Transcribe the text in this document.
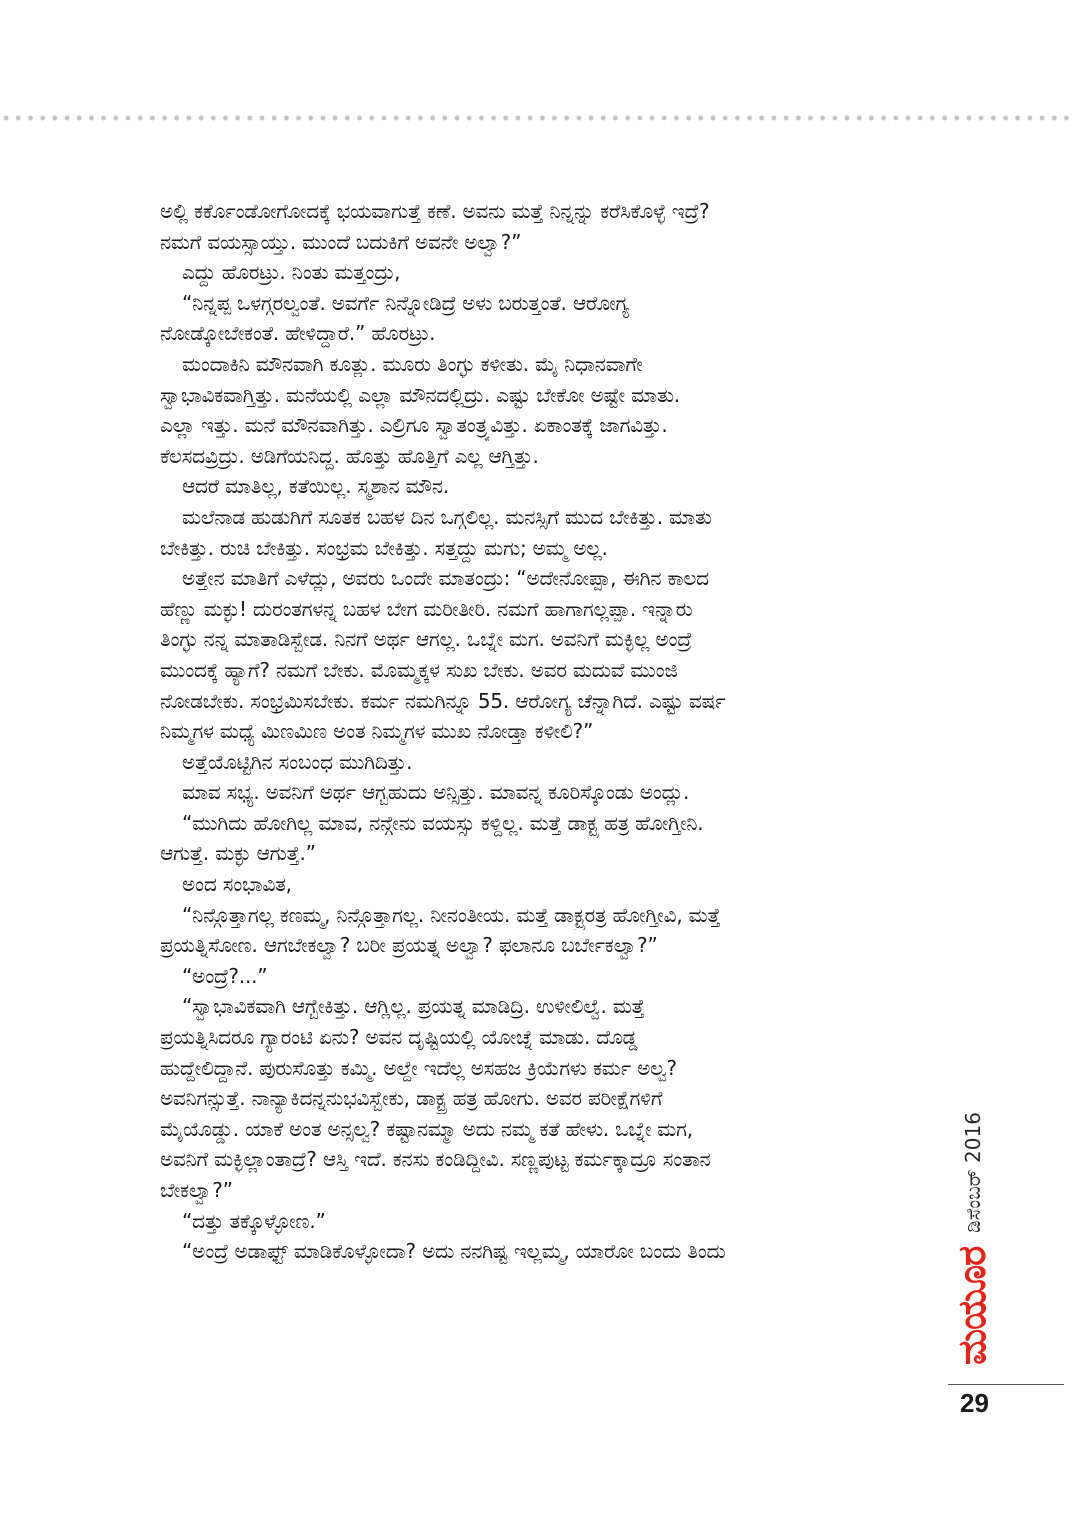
ಅಲ್ಲಿ ಕರ್ಕೊಂಡೋಗೋದಕ್ಕೆ ಭಯವಾಗುತ್ತೆ ಕಣೆ. ಅವನು ಮತ್ತೆ ನಿನ್ನನ್ನು ಕರೆಸಿಕೊಳ್ಳೆ ಇದ್ರೆ?
ನಮಗೆ ವಯಸ್ಸಾಯ್ತು. ಮುಂದೆ ಬದುಕಿಗೆ ಅವನೇ ಅಲ್ವಾ?”
ಎದ್ದು ಹೊರಟ್ರು. ನಿಂತು ಮತ್ತಂದ್ರು,
“ನಿನ್ನಪ್ಪ ಒಳಗ್ಗರಲ್ವಂತೆ. ಅವರ್ಗೆ ನಿನ್ನೋಡಿದ್ರೆ ಅಳು ಬರುತ್ತಂತೆ. ಆರೋಗ್ಯ
ನೋಡ್ಕೋಬೇಕಂತೆ. ಹೇಳಿದ್ದಾರೆ.” ಹೊರಟ್ರು.
ಮಂದಾಕಿನಿ ಮೌನವಾಗಿ ಕೂತ್ಲು. ಮೂರು ತಿಂಗ್ಳು ಕಳೀತು. ಮೈ ನಿಧಾನವಾಗೇ
ಸ್ವಾಭಾವಿಕವಾಗ್ತಿತ್ತು. ಮನೆಯಲ್ಲಿ ಎಲ್ಲಾ ಮೌನದಲ್ಲಿದ್ರು. ಎಷ್ಟು ಬೇಕೋ ಅಷ್ಟೇ ಮಾತು.
ಎಲ್ಲಾ ಇತ್ತು. ಮನೆ ಮೌನವಾಗಿತ್ತು. ಎಲ್ರಿಗೂ ಸ್ವಾತಂತ್ರ್ಯವಿತ್ತು. ಏಕಾಂತಕ್ಕೆ ಜಾಗವಿತ್ತು.
ಕೆಲಸದವ್ರಿದ್ರು. ಅಡಿಗೆಯನಿದ್ದ. ಹೊತ್ತು ಹೊತ್ತಿಗೆ ಎಲ್ಲ ಆಗ್ತಿತ್ತು.
ಆದರೆ ಮಾತಿಲ್ಲ, ಕತೆಯಿಲ್ಲ. ಸ್ಮಶಾನ ಮೌನ.
ಮಲೆನಾಡ ಹುಡುಗಿಗೆ ಸೂತಕ ಬಹಳ ದಿನ ಒಗ್ಗಲಿಲ್ಲ. ಮನಸ್ಸಿಗೆ ಮುದ ಬೇಕಿತ್ತು. ಮಾತು
ಬೇಕಿತ್ತು. ರುಚಿ ಬೇಕಿತ್ತು. ಸಂಭ್ರಮ ಬೇಕಿತ್ತು. ಸತ್ತದ್ದು ಮಗು; ಅಮ್ಮ ಅಲ್ಲ.
ಅತ್ತೇನ ಮಾತಿಗೆ ಎಳೆದ್ಲು, ಅವರು ಒಂದೇ ಮಾತಂದ್ರು: “ಅದೇನೋಪ್ಪಾ, ಈಗಿನ ಕಾಲದ
ಹೆಣ್ಣು ಮಕ್ಳು! ದುರಂತಗಳನ್ನ ಬಹಳ ಬೇಗ ಮರೀತೀರಿ. ನಮಗೆ ಹಾಗಾಗಲ್ಲಪ್ಪಾ. ಇನ್ನಾರು
ತಿಂಗ್ಳು ನನ್ನ ಮಾತಾಡಿಸ್ಬೇಡ. ನಿನಗೆ ಅರ್ಥ ಆಗಲ್ಲ. ಒಬ್ನೇ ಮಗ. ಅವನಿಗೆ ಮಕ್ಳಿಲ್ಲ ಅಂದ್ರೆ
ಮುಂದಕ್ಕೆ ಹ್ಯಾಗೆ? ನಮಗೆ ಬೇಕು. ಮೊಮ್ಮಕ್ಕಳ ಸುಖ ಬೇಕು. ಅವರ ಮದುವೆ ಮುಂಜಿ
ನೋಡಬೇಕು. ಸಂಭ್ರಮಿಸಬೇಕು. ಕರ್ಮ ನಮಗಿನ್ನೂ 55. ಆರೋಗ್ಯ ಚೆನ್ನಾಗಿದೆ. ಎಷ್ಟು ವರ್ಷ
ನಿಮ್ಮಗಳ ಮಧ್ಯೆ ಮಿಣಮಿಣ ಅಂತ ನಿಮ್ಮಗಳ ಮುಖ ನೋಡ್ತಾ ಕಳೀಲಿ?”
ಅತ್ತೆಯೊಟ್ಟಿಗಿನ ಸಂಬಂಧ ಮುಗಿದಿತ್ತು.
ಮಾವ ಸಭ್ಯ. ಅವನಿಗೆ ಅರ್ಥ ಆಗ್ಬಹುದು ಅನ್ಸಿತ್ತು. ಮಾವನ್ನ ಕೂರಿಸ್ಕೊಂಡು ಅಂದ್ಲು.
“ಮುಗಿದು ಹೋಗಿಲ್ಲ ಮಾವ, ನನ್ಗೇನು ವಯಸ್ಸು ಕಳ್ದಿಲ್ಲ. ಮತ್ತೆ ಡಾಕ್ಟ್ರ ಹತ್ರ ಹೋಗ್ತೀನಿ.
ಆಗುತ್ತೆ. ಮಕ್ಳು ಆಗುತ್ತೆ.”
ಅಂದ ಸಂಭಾವಿತ,
“ನಿನ್ಗೊತ್ತಾಗಲ್ಲ ಕಣಮ್ಮ, ನಿನ್ಗೊತ್ತಾಗಲ್ಲ. ನೀನಂತೀಯ. ಮತ್ತೆ ಡಾಕ್ಟ್ರರತ್ರ ಹೋಗ್ತೀವಿ, ಮತ್ತೆ
ಪ್ರಯತ್ನಿಸೋಣ. ಆಗಬೇಕಲ್ವಾ? ಬರೀ ಪ್ರಯತ್ನ ಅಲ್ವಾ? ಫಲಾನೂ ಬರ್ಬೇಕಲ್ವಾ?”
“ಅಂದ್ರೆ?...”
“ಸ್ವಾಭಾವಿಕವಾಗಿ ಆಗ್ಬೇಕಿತ್ತು. ಆಗ್ಲಿಲ್ಲ. ಪ್ರಯತ್ನ ಮಾಡಿದ್ರಿ. ಉಳೀಲಿಲ್ವೆ. ಮತ್ತೆ
ಪ್ರಯತ್ನಿಸಿದರೂ ಗ್ಯಾರಂಟಿ ಏನು? ಅವನ ದೃಷ್ಟಿಯಲ್ಲಿ ಯೋಚ್ನೆ ಮಾಡು. ದೊಡ್ಡ
ಹುದ್ದೇಲಿದ್ದಾನೆ. ಪುರುಸೊತ್ತು ಕಮ್ಮಿ. ಅಲ್ದೇ ಇದೆಲ್ಲ ಅಸಹಜ ಕ್ರಿಯೆಗಳು ಕರ್ಮ ಅಲ್ವ?
ಅವನಿಗನ್ಸುತ್ತೆ. ನಾನ್ಯಾಕಿದನ್ನನುಭವಿಸ್ಬೇಕು, ಡಾಕ್ಟ್ರ ಹತ್ರ ಹೋಗು. ಅವರ ಪರೀಕ್ಷೆಗಳಿಗೆ
ಮೈಯೊಡ್ಡು. ಯಾಕೆ ಅಂತ ಅನ್ಸಲ್ವ? ಕಷ್ಟಾನಮ್ಮಾ ಅದು ನಮ್ಮ ಕತೆ ಹೇಳು. ಒಬ್ನೇ ಮಗ,
ಅವನಿಗೆ ಮಕ್ಳಿಲ್ಲಾಂತಾದ್ರೆ? ಆಸ್ತಿ ಇದೆ. ಕನಸು ಕಂಡಿದ್ದೀವಿ. ಸಣ್ಣಪುಟ್ಟ ಕರ್ಮಕ್ಕಾದ್ರೂ ಸಂತಾನ
ಬೇಕಲ್ವಾ?”
“ದತ್ತು ತಕ್ಕೊಳ್ಳೋಣ.”
“ಅಂದ್ರೆ ಅಡಾಫ್ಟ್ ಮಾಡಿಕೊಳ್ಳೋದಾ? ಅದು ನನಗಿಷ್ಟ ಇಲ್ಲಮ್ಮ, ಯಾರೋ ಬಂದು ತಿಂದು	ಮಯೂರ
ಡಿಸೆಂಬರ್ 2016
29
